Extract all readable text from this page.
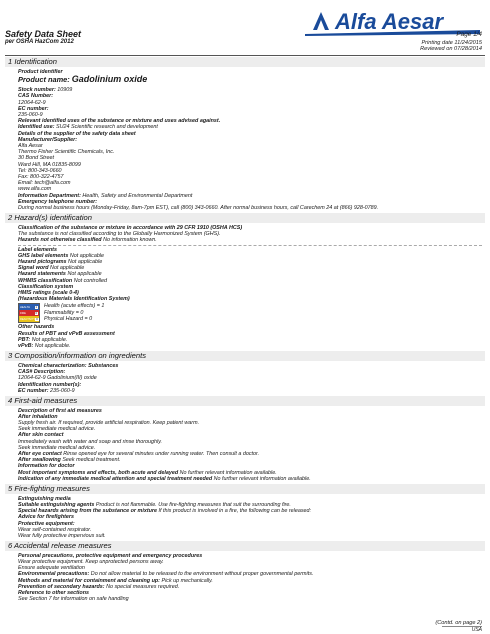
Alfa Aesar
Safety Data Sheet
per OSHA HazCom 2012
Page 1/4
Printing date 11/24/2015
Reviewed on 07/28/2014
1 Identification
Product identifier
Product name: Gadolinium oxide
Stock number: 10909
CAS Number:
12064-62-9
EC number:
235-060-9
Relevant identified uses of the substance or mixture and uses advised against.
Identified use: SU24 Scientific research and development
Details of the supplier of the safety data sheet
Manufacturer/Supplier:
Alfa Aesar
Thermo Fisher Scientific Chemicals, Inc.
30 Bond Street
Ward Hill, MA 01835-8099
Tel: 800-343-0660
Fax: 800-322-4757
Email: tech@alfa.com
www.alfa.com
Information Department: Health, Safety and Environmental Department
Emergency telephone number:
During normal business hours (Monday-Friday, 8am-7pm EST), call (800) 343-0660. After normal business hours, call Carechem 24 at (866) 928-0789.
2 Hazard(s) identification
Classification of the substance or mixture in accordance with 29 CFR 1910 (OSHA HCS)
The substance is not classified according to the Globally Harmonized System (GHS).
Hazards not otherwise classified No information known.
Label elements
GHS label elements Not applicable
Hazard pictograms Not applicable
Signal word Not applicable
Hazard statements Not applicable
WHMIS classification Not controlled
Classification system
HMIS ratings (scale 0-4)
(Hazardous Materials Identification System)
HEALTH	1
FIRE	0
REACTIVITY 0
Health (acute effects) = 1
Flammability = 0
Physical Hazard = 0
Other hazards
Results of PBT and vPvB assessment
PBT: Not applicable.
vPvB: Not applicable.
3 Composition/information on ingredients
Chemical characterization: Substances
CAS# Description:
12064-62-9 Gadolinium(III) oxide
Identification number(s):
EC number: 235-060-9
4 First-aid measures
Description of first aid measures
After inhalation
Supply fresh air. If required, provide artificial respiration. Keep patient warm.
Seek immediate medical advice.
After skin contact
Immediately wash with water and soap and rinse thoroughly.
Seek immediate medical advice.
After eye contact Rinse opened eye for several minutes under running water. Then consult a doctor.
After swallowing Seek medical treatment.
Information for doctor
Most important symptoms and effects, both acute and delayed No further relevant information available.
Indication of any immediate medical attention and special treatment needed No further relevant information available.
5 Fire-fighting measures
Extinguishing media
Suitable extinguishing agents Product is not flammable. Use fire-fighting measures that suit the surrounding fire.
Special hazards arising from the substance or mixture If this product is involved in a fire, the following can be released:
Advice for firefighters
Protective equipment:
Wear self-contained respirator.
Wear fully protective impervious suit.
6 Accidental release measures
Personal precautions, protective equipment and emergency procedures
Wear protective equipment. Keep unprotected persons away.
Ensure adequate ventilation
Environmental precautions: Do not allow material to be released to the environment without proper governmental permits.
Methods and material for containment and cleaning up: Pick up mechanically.
Prevention of secondary hazards: No special measures required.
Reference to other sections
See Section 7 for information on safe handling
(Contd. on page 2)
USA
